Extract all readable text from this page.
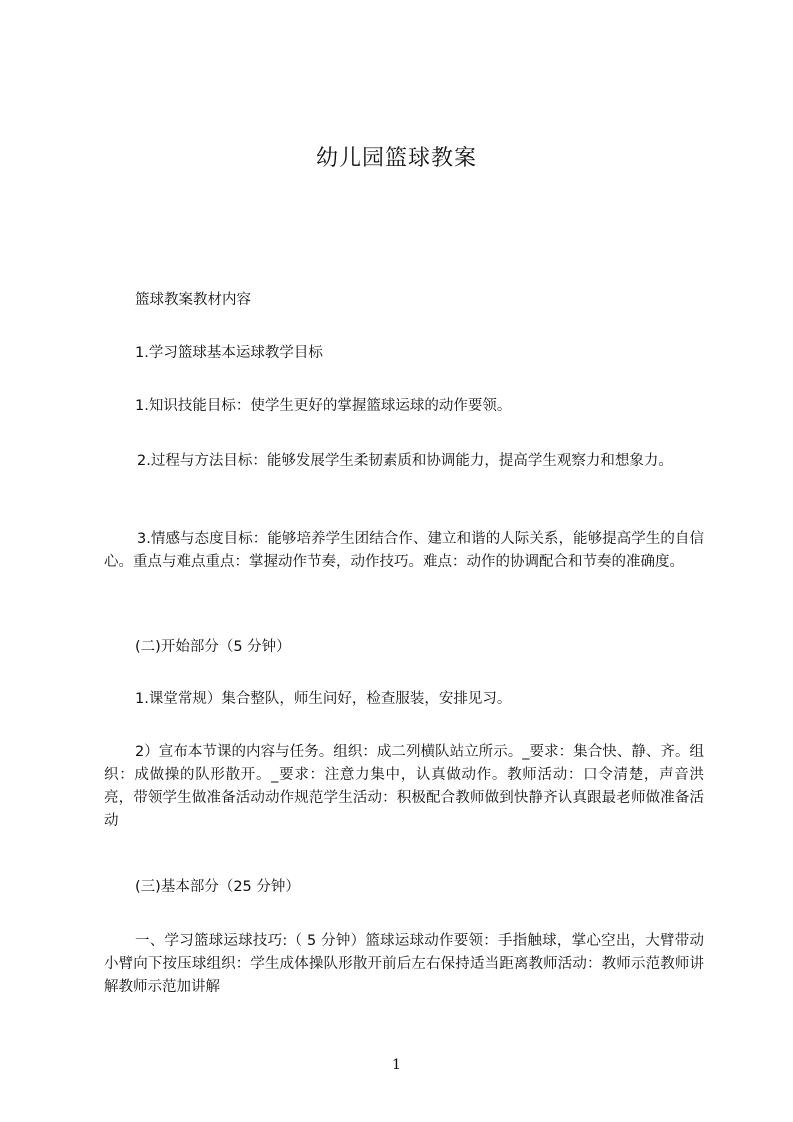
幼儿园篮球教案
篮球教案教材内容
1.学习篮球基本运球教学目标
1.知识技能目标：使学生更好的掌握篮球运球的动作要领。
2.过程与方法目标：能够发展学生柔韧素质和协调能力，提高学生观察力和想象力。
3.情感与态度目标：能够培养学生团结合作、建立和谐的人际关系，能够提高学生的自信心。重点与难点重点：掌握动作节奏，动作技巧。难点：动作的协调配合和节奏的准确度。
(二)开始部分（5 分钟）
1.课堂常规）集合整队，师生问好，检查服装，安排见习。
2）宣布本节课的内容与任务。组织：成二列横队站立所示。_要求：集合快、静、齐。组织：成做操的队形散开。_要求：注意力集中，认真做动作。教师活动：口令清楚，声音洪亮，带领学生做准备活动动作规范学生活动：积极配合教师做到快静齐认真跟最老师做准备活动
(三)基本部分（25 分钟）
一、学习篮球运球技巧:（ 5 分钟）篮球运球动作要领：手指触球，掌心空出，大臂带动小臂向下按压球组织：学生成体操队形散开前后左右保持适当距离教师活动：教师示范教师讲解教师示范加讲解
1
